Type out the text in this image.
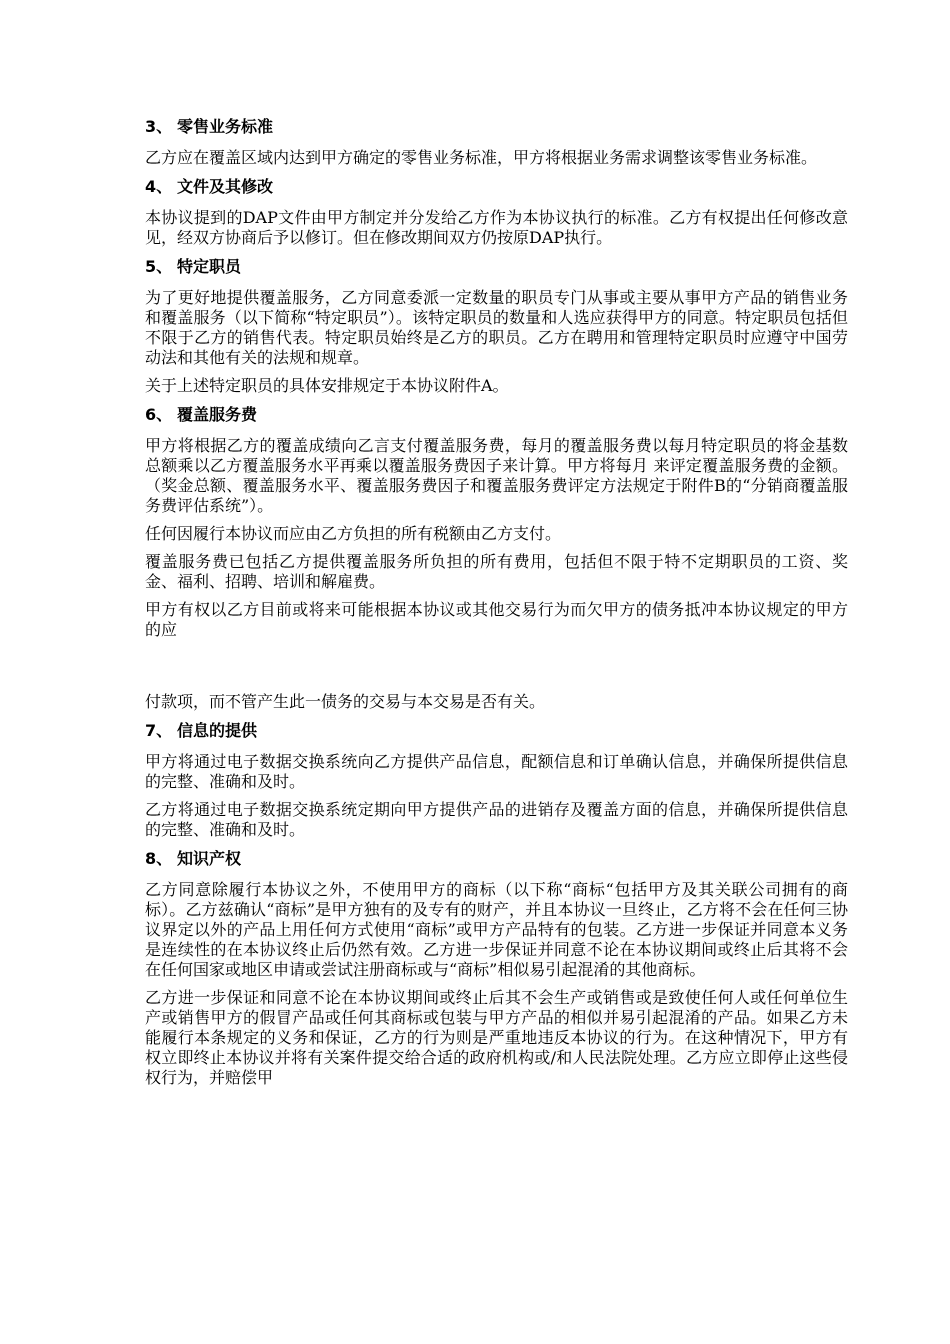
3、 零售业务标准

乙方应在覆盖区域内达到甲方确定的零售业务标准，甲方将根据业务需求调整该零售业务标准。

4、 文件及其修改

本协议提到的DAP文件由甲方制定并分发给乙方作为本协议执行的标准。乙方有权提出任何修改意见，经双方协商后予以修订。但在修改期间双方仍按原DAP执行。

5、 特定职员

为了更好地提供覆盖服务，乙方同意委派一定数量的职员专门从事或主要从事甲方产品的销售业务和覆盖服务（以下简称“特定职员”）。该特定职员的数量和人选应获得甲方的同意。特定职员包括但不限于乙方的销售代表。特定职员始终是乙方的职员。乙方在聘用和管理特定职员时应遵守中国劳动法和其他有关的法规和规章。

关于上述特定职员的具体安排规定于本协议附件A。

6、 覆盖服务费

甲方将根据乙方的覆盖成绩向乙言支付覆盖服务费，每月的覆盖服务费以每月特定职员的将金基数总额乘以乙方覆盖服务水平再乘以覆盖服务费因子来计算。甲方将每月 来评定覆盖服务费的金额。（奖金总额、覆盖服务水平、覆盖服务费因子和覆盖服务费评定方法规定于附件B的“分销商覆盖服务费评估系统”）。

任何因履行本协议而应由乙方负担的所有税额由乙方支付。

覆盖服务费已包括乙方提供覆盖服务所负担的所有费用，包括但不限于特不定期职员的工资、奖金、福利、招聘、培训和解雇费。

甲方有权以乙方目前或将来可能根据本协议或其他交易行为而欠甲方的债务抵冲本协议规定的甲方的应

付款项，而不管产生此一债务的交易与本交易是否有关。

7、 信息的提供

甲方将通过电子数据交换系统向乙方提供产品信息，配额信息和订单确认信息，并确保所提供信息的完整、准确和及时。

乙方将通过电子数据交换系统定期向甲方提供产品的进销存及覆盖方面的信息，并确保所提供信息的完整、准确和及时。

8、 知识产权

乙方同意除履行本协议之外，不使用甲方的商标（以下称“商标“包括甲方及其关联公司拥有的商标）。乙方兹确认“商标”是甲方独有的及专有的财产，并且本协议一旦终止，乙方将不会在任何三协议界定以外的产品上用任何方式使用“商标”或甲方产品特有的包装。乙方进一步保证并同意本义务是连续性的在本协议终止后仍然有效。乙方进一步保证并同意不论在本协议期间或终止后其将不会在任何国家或地区申请或尝试注册商标或与“商标”相似易引起混淆的其他商标。

乙方进一步保证和同意不论在本协议期间或终止后其不会生产或销售或是致使任何人或任何单位生产或销售甲方的假冒产品或任何其商标或包装与甲方产品的相似并易引起混淆的产品。如果乙方未能履行本条规定的义务和保证，乙方的行为则是严重地违反本协议的行为。在这种情况下，甲方有权立即终止本协议并将有关案件提交给合适的政府机构或/和人民法院处理。乙方应立即停止这些侵权行为，并赔偿甲
